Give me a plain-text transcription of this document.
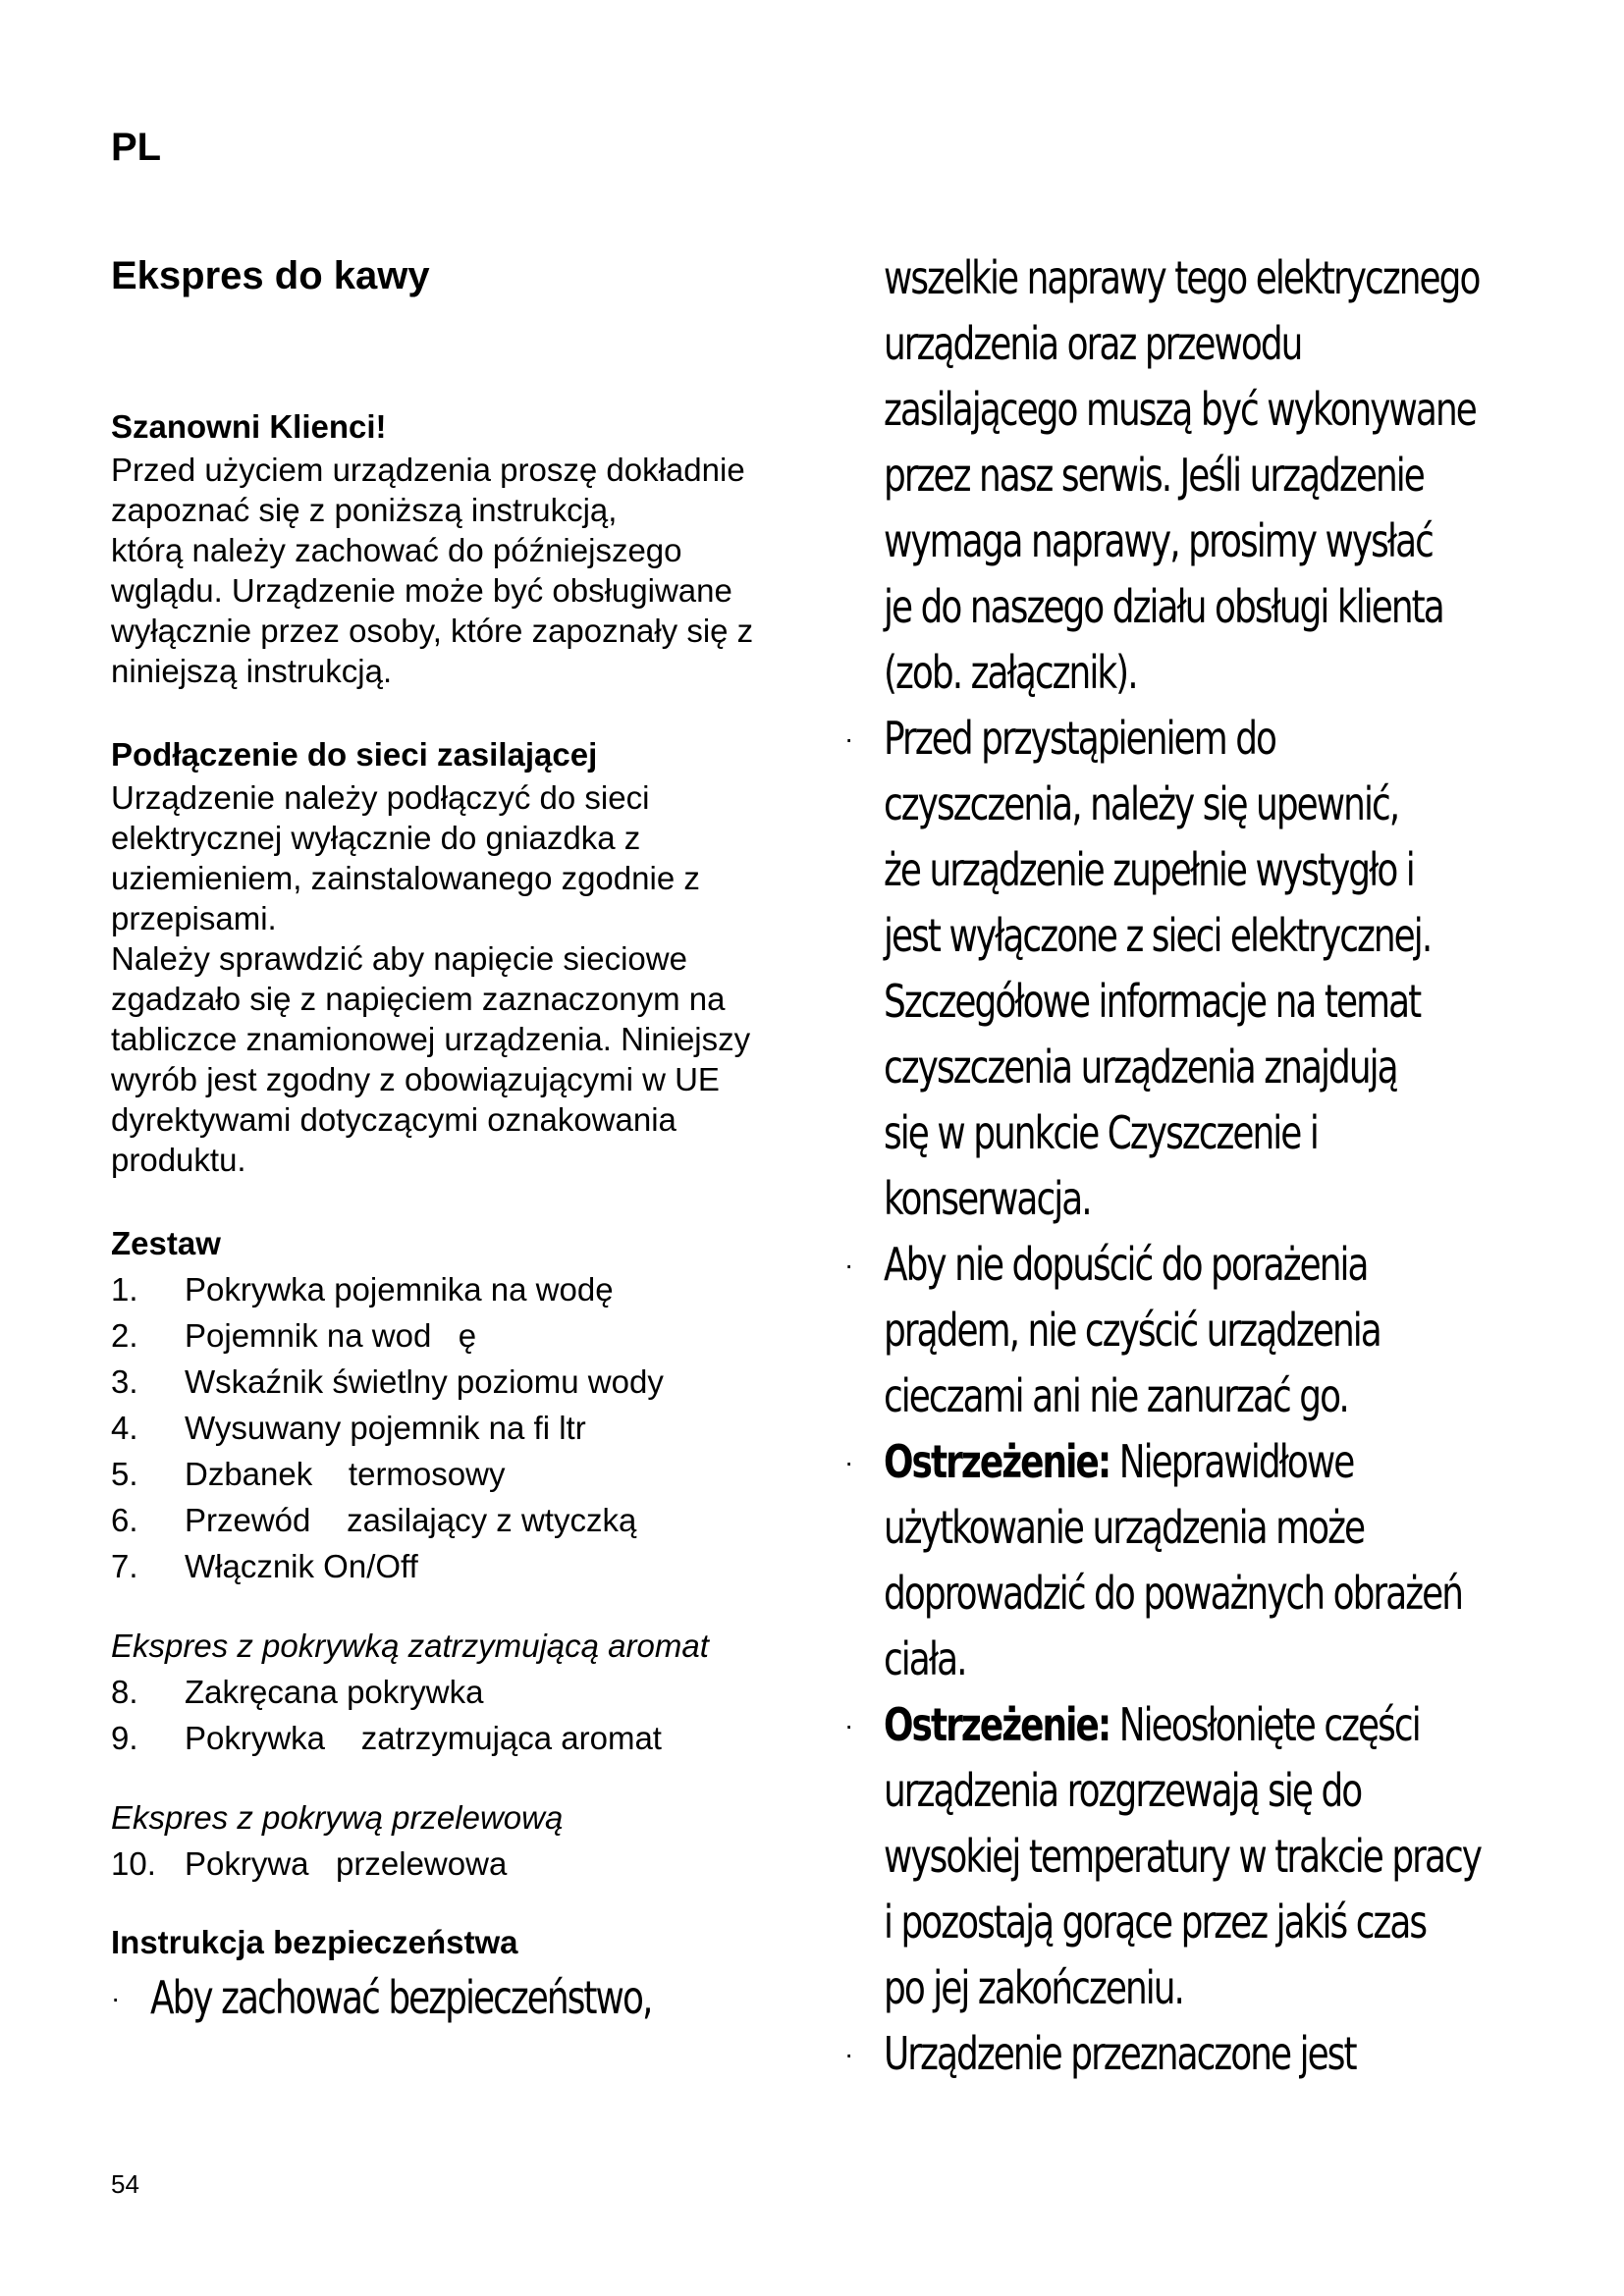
PL
Ekspres do kawy
Szanowni Klienci!
Przed użyciem urządzenia proszę dokładnie
zapoznać się z poniższą instrukcją,
którą należy zachować do późniejszego
wglądu. Urządzenie może być obsługiwane
wyłącznie przez osoby, które zapoznały się z
niniejszą instrukcją.
Podłączenie do sieci zasilającej
Urządzenie należy podłączyć do sieci
elektrycznej wyłącznie do gniazdka z
uziemieniem, zainstalowanego zgodnie z
przepisami.
Należy sprawdzić aby napięcie sieciowe
zgadzało się z napięciem zaznaczonym na
tabliczce znamionowej urządzenia. Niniejszy
wyrób jest zgodny z obowiązującymi w UE
dyrektywami dotyczącymi oznakowania
produktu.
Zestaw
1.	Pokrywka pojemnika na wodę
2.	Pojemnik na wod   ę
3.	Wskaźnik świetlny poziomu wody
4.	Wysuwany pojemnik na fi ltr
5.	Dzbanek    termosowy
6.	Przewód    zasilający z wtyczką
7.	Włącznik On/Off
Ekspres z pokrywką zatrzymującą aromat
8.	Zakręcana pokrywka
9.	Pokrywka    zatrzymująca aromat
Ekspres z pokrywą przelewową
10. Pokrywa   przelewowa
Instrukcja bezpieczeństwa
· Aby zachować bezpieczeństwo,
wszelkie naprawy tego elektrycznego
urządzenia oraz przewodu
zasilającego muszą być wykonywane
przez nasz serwis. Jeśli urządzenie
wymaga naprawy, prosimy wysłać
je do naszego działu obsługi klienta
(zob. załącznik).
· Przed przystąpieniem do
czyszczenia, należy się upewnić,
że urządzenie zupełnie wystygło i
jest wyłączone z sieci elektrycznej.
Szczegółowe informacje na temat
czyszczenia urządzenia znajdują
się w punkcie Czyszczenie i
konserwacja.
· Aby nie dopuścić do porażenia
prądem, nie czyścić urządzenia
cieczami ani nie zanurzać go.
· Ostrzeżenie: Nieprawidłowe
użytkowanie urządzenia może
doprowadzić do poważnych obrażeń
ciała.
· Ostrzeżenie: Nieosłonięte części
urządzenia rozgrzewają się do
wysokiej temperatury w trakcie pracy
i pozostają gorące przez jakiś czas
po jej zakończeniu.
· Urządzenie przeznaczone jest
54
